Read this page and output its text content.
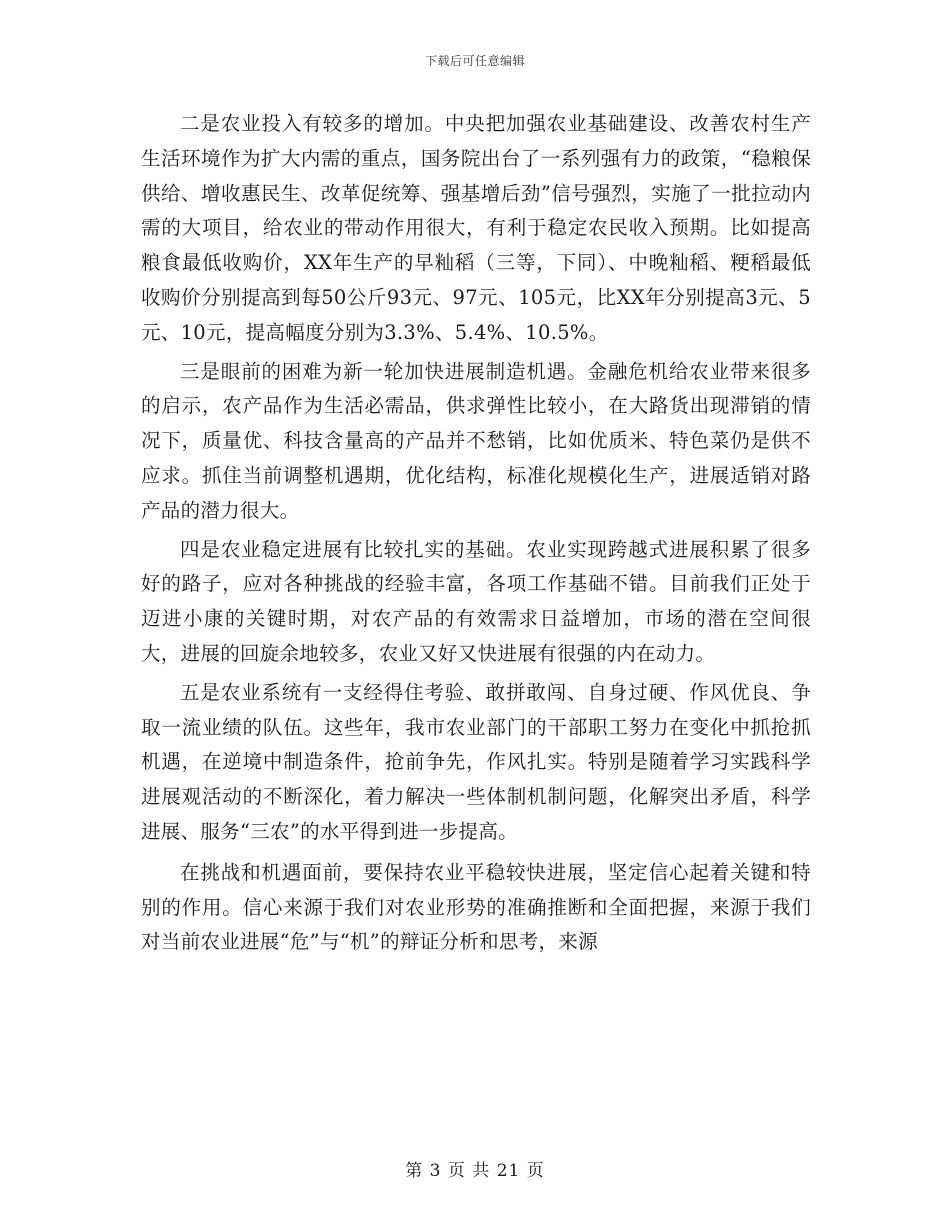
下载后可任意编辑

二是农业投入有较多的增加。中央把加强农业基础建设、改善农村生产生活环境作为扩大内需的重点，国务院出台了一系列强有力的政策，“稳粮保供给、增收惠民生、改革促统筹、强基增后劲”信号强烈，实施了一批拉动内需的大项目，给农业的带动作用很大，有利于稳定农民收入预期。比如提高粮食最低收购价，XX年生产的早籼稻（三等，下同）、中晚籼稻、粳稻最低收购价分别提高到每50公斤93元、97元、105元，比XX年分别提高3元、5元、10元，提高幅度分别为3.3%、5.4%、10.5%。

三是眼前的困难为新一轮加快进展制造机遇。金融危机给农业带来很多的启示，农产品作为生活必需品，供求弹性比较小，在大路货出现滞销的情况下，质量优、科技含量高的产品并不愁销，比如优质米、特色菜仍是供不应求。抓住当前调整机遇期，优化结构，标准化规模化生产，进展适销对路产品的潜力很大。

四是农业稳定进展有比较扎实的基础。农业实现跨越式进展积累了很多好的路子，应对各种挑战的经验丰富，各项工作基础不错。目前我们正处于迈进小康的关键时期，对农产品的有效需求日益增加，市场的潜在空间很大，进展的回旋余地较多，农业又好又快进展有很强的内在动力。

五是农业系统有一支经得住考验、敢拼敢闯、自身过硬、作风优良、争取一流业绩的队伍。这些年，我市农业部门的干部职工努力在变化中抓抢抓机遇，在逆境中制造条件，抢前争先，作风扎实。特别是随着学习实践科学进展观活动的不断深化，着力解决一些体制机制问题，化解突出矛盾，科学进展、服务“三农”的水平得到进一步提高。

在挑战和机遇面前，要保持农业平稳较快进展，坚定信心起着关键和特别的作用。信心来源于我们对农业形势的准确推断和全面把握，来源于我们对当前农业进展“危”与“机”的辩证分析和思考，来源

第 3 页 共 21 页
